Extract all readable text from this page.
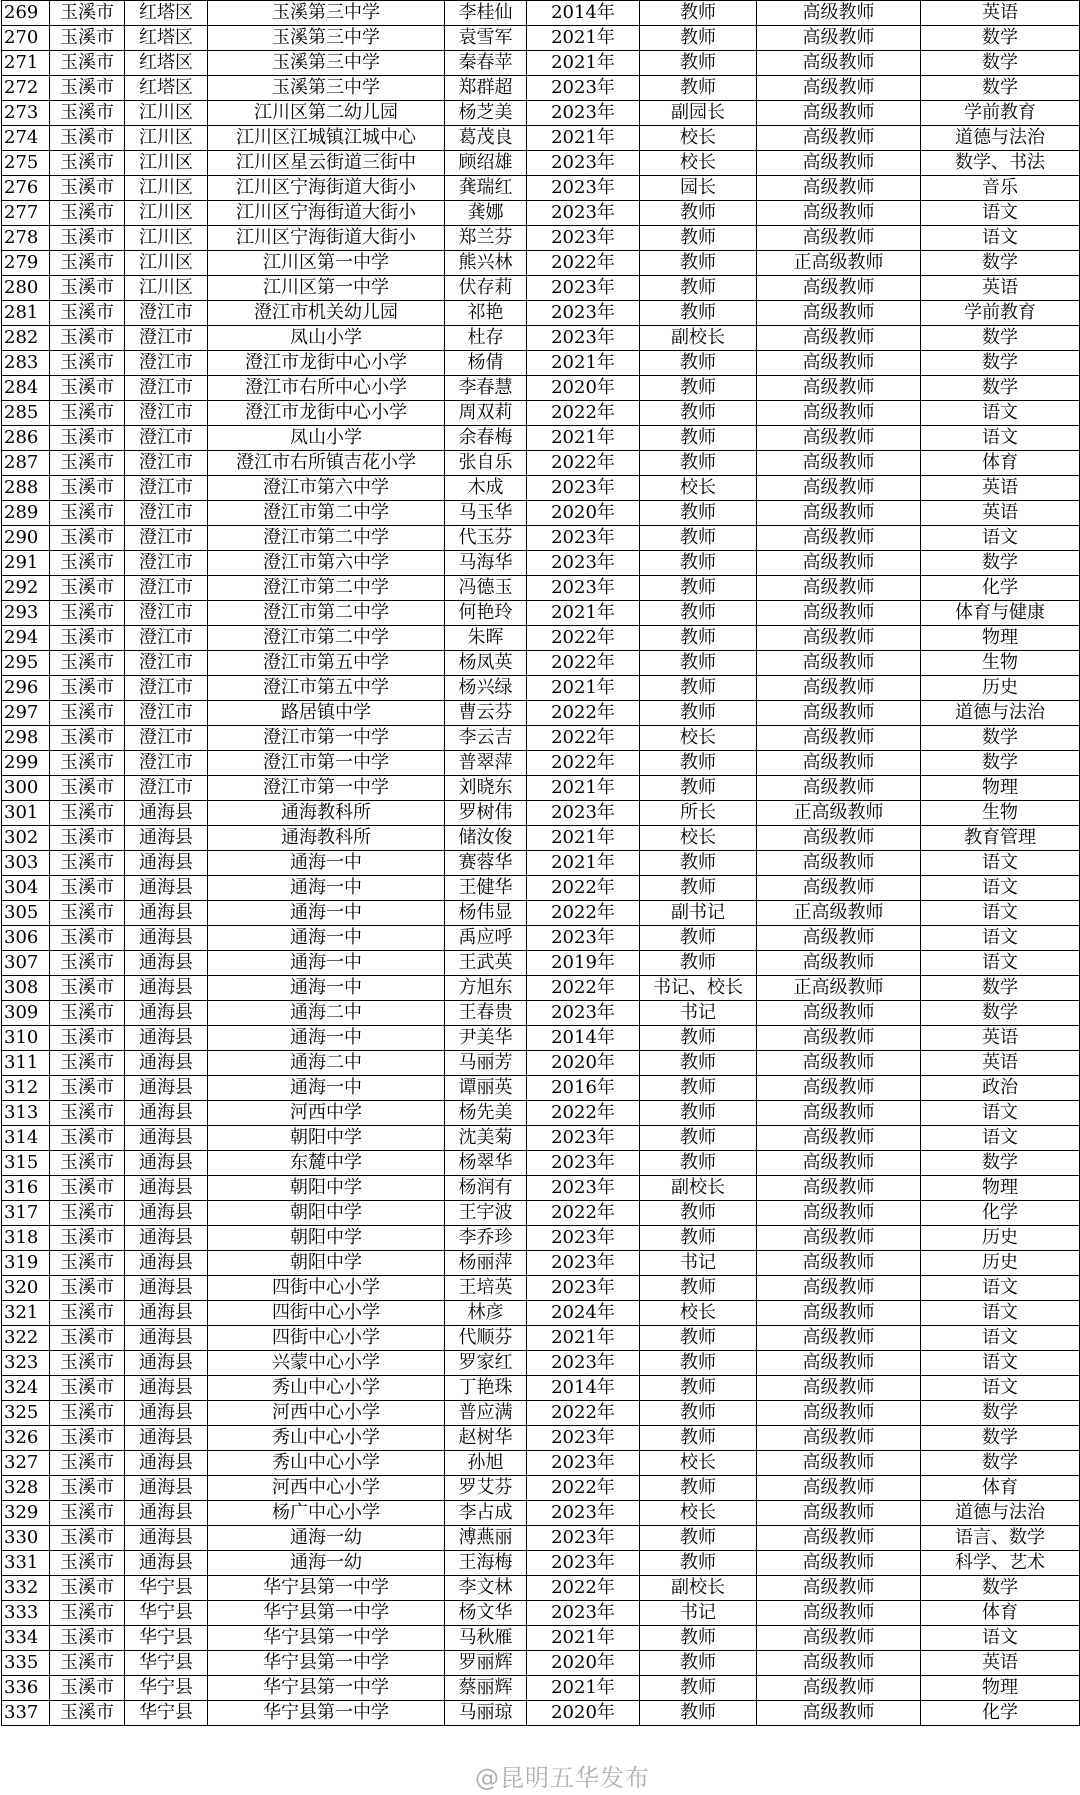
269	玉溪市	红塔区	玉溪第三中学	李桂仙	2014年	教师	高级教师	英语
270	玉溪市	红塔区	玉溪第三中学	袁雪军	2021年	教师	高级教师	数学
271	玉溪市	红塔区	玉溪第三中学	秦春苹	2021年	教师	高级教师	数学
272	玉溪市	红塔区	玉溪第三中学	郑群超	2023年	教师	高级教师	数学
273	玉溪市	江川区	江川区第二幼儿园	杨芝美	2023年	副园长	高级教师	学前教育
274	玉溪市	江川区	江川区江城镇江城中心	葛茂良	2021年	校长	高级教师	道德与法治
275	玉溪市	江川区	江川区星云街道三街中	顾绍雄	2023年	校长	高级教师	数学、书法
276	玉溪市	江川区	江川区宁海街道大街小	龚瑞红	2023年	园长	高级教师	音乐
277	玉溪市	江川区	江川区宁海街道大街小	龚娜	2023年	教师	高级教师	语文
278	玉溪市	江川区	江川区宁海街道大街小	郑兰芬	2023年	教师	高级教师	语文
279	玉溪市	江川区	江川区第一中学	熊兴林	2022年	教师	正高级教师	数学
280	玉溪市	江川区	江川区第一中学	伏存莉	2023年	教师	高级教师	英语
281	玉溪市	澄江市	澄江市机关幼儿园	祁艳	2023年	教师	高级教师	学前教育
282	玉溪市	澄江市	凤山小学	杜存	2023年	副校长	高级教师	数学
283	玉溪市	澄江市	澄江市龙街中心小学	杨倩	2021年	教师	高级教师	数学
284	玉溪市	澄江市	澄江市右所中心小学	李春慧	2020年	教师	高级教师	数学
285	玉溪市	澄江市	澄江市龙街中心小学	周双莉	2022年	教师	高级教师	语文
286	玉溪市	澄江市	凤山小学	余春梅	2021年	教师	高级教师	语文
287	玉溪市	澄江市	澄江市右所镇吉花小学	张自乐	2022年	教师	高级教师	体育
288	玉溪市	澄江市	澄江市第六中学	木成	2023年	校长	高级教师	英语
289	玉溪市	澄江市	澄江市第二中学	马玉华	2020年	教师	高级教师	英语
290	玉溪市	澄江市	澄江市第二中学	代玉芬	2023年	教师	高级教师	语文
291	玉溪市	澄江市	澄江市第六中学	马海华	2023年	教师	高级教师	数学
292	玉溪市	澄江市	澄江市第二中学	冯德玉	2023年	教师	高级教师	化学
293	玉溪市	澄江市	澄江市第二中学	何艳玲	2021年	教师	高级教师	体育与健康
294	玉溪市	澄江市	澄江市第二中学	朱晖	2022年	教师	高级教师	物理
295	玉溪市	澄江市	澄江市第五中学	杨凤英	2022年	教师	高级教师	生物
296	玉溪市	澄江市	澄江市第五中学	杨兴绿	2021年	教师	高级教师	历史
297	玉溪市	澄江市	路居镇中学	曹云芬	2022年	教师	高级教师	道德与法治
298	玉溪市	澄江市	澄江市第一中学	李云吉	2022年	校长	高级教师	数学
299	玉溪市	澄江市	澄江市第一中学	普翠萍	2022年	教师	高级教师	数学
300	玉溪市	澄江市	澄江市第一中学	刘晓东	2021年	教师	高级教师	物理
301	玉溪市	通海县	通海教科所	罗树伟	2023年	所长	正高级教师	生物
302	玉溪市	通海县	通海教科所	储汝俊	2021年	校长	高级教师	教育管理
303	玉溪市	通海县	通海一中	赛蓉华	2021年	教师	高级教师	语文
304	玉溪市	通海县	通海一中	王健华	2022年	教师	高级教师	语文
305	玉溪市	通海县	通海一中	杨伟显	2022年	副书记	正高级教师	语文
306	玉溪市	通海县	通海一中	禹应呼	2023年	教师	高级教师	语文
307	玉溪市	通海县	通海一中	王武英	2019年	教师	高级教师	语文
308	玉溪市	通海县	通海一中	方旭东	2022年	书记、校长	正高级教师	数学
309	玉溪市	通海县	通海二中	王春贵	2023年	书记	高级教师	数学
310	玉溪市	通海县	通海一中	尹美华	2014年	教师	高级教师	英语
311	玉溪市	通海县	通海二中	马丽芳	2020年	教师	高级教师	英语
312	玉溪市	通海县	通海一中	谭丽英	2016年	教师	高级教师	政治
313	玉溪市	通海县	河西中学	杨先美	2022年	教师	高级教师	语文
314	玉溪市	通海县	朝阳中学	沈美菊	2023年	教师	高级教师	语文
315	玉溪市	通海县	东麓中学	杨翠华	2023年	教师	高级教师	数学
316	玉溪市	通海县	朝阳中学	杨润有	2023年	副校长	高级教师	物理
317	玉溪市	通海县	朝阳中学	王宇波	2022年	教师	高级教师	化学
318	玉溪市	通海县	朝阳中学	李乔珍	2023年	教师	高级教师	历史
319	玉溪市	通海县	朝阳中学	杨丽萍	2023年	书记	高级教师	历史
320	玉溪市	通海县	四街中心小学	王培英	2023年	教师	高级教师	语文
321	玉溪市	通海县	四街中心小学	林彦	2024年	校长	高级教师	语文
322	玉溪市	通海县	四街中心小学	代顺芬	2021年	教师	高级教师	语文
323	玉溪市	通海县	兴蒙中心小学	罗家红	2023年	教师	高级教师	语文
324	玉溪市	通海县	秀山中心小学	丁艳珠	2014年	教师	高级教师	语文
325	玉溪市	通海县	河西中心小学	普应满	2022年	教师	高级教师	数学
326	玉溪市	通海县	秀山中心小学	赵树华	2023年	教师	高级教师	数学
327	玉溪市	通海县	秀山中心小学	孙旭	2023年	校长	高级教师	数学
328	玉溪市	通海县	河西中心小学	罗艾芬	2022年	教师	高级教师	体育
329	玉溪市	通海县	杨广中心小学	李占成	2023年	校长	高级教师	道德与法治
330	玉溪市	通海县	通海一幼	溥燕丽	2023年	教师	高级教师	语言、数学
331	玉溪市	通海县	通海一幼	王海梅	2023年	教师	高级教师	科学、艺术
332	玉溪市	华宁县	华宁县第一中学	李文林	2022年	副校长	高级教师	数学
333	玉溪市	华宁县	华宁县第一中学	杨文华	2023年	书记	高级教师	体育
334	玉溪市	华宁县	华宁县第一中学	马秋雁	2021年	教师	高级教师	语文
335	玉溪市	华宁县	华宁县第一中学	罗丽辉	2020年	教师	高级教师	英语
336	玉溪市	华宁县	华宁县第一中学	蔡丽辉	2021年	教师	高级教师	物理
337	玉溪市	华宁县	华宁县第一中学	马丽琼	2020年	教师	高级教师	化学
@昆明五华发布
